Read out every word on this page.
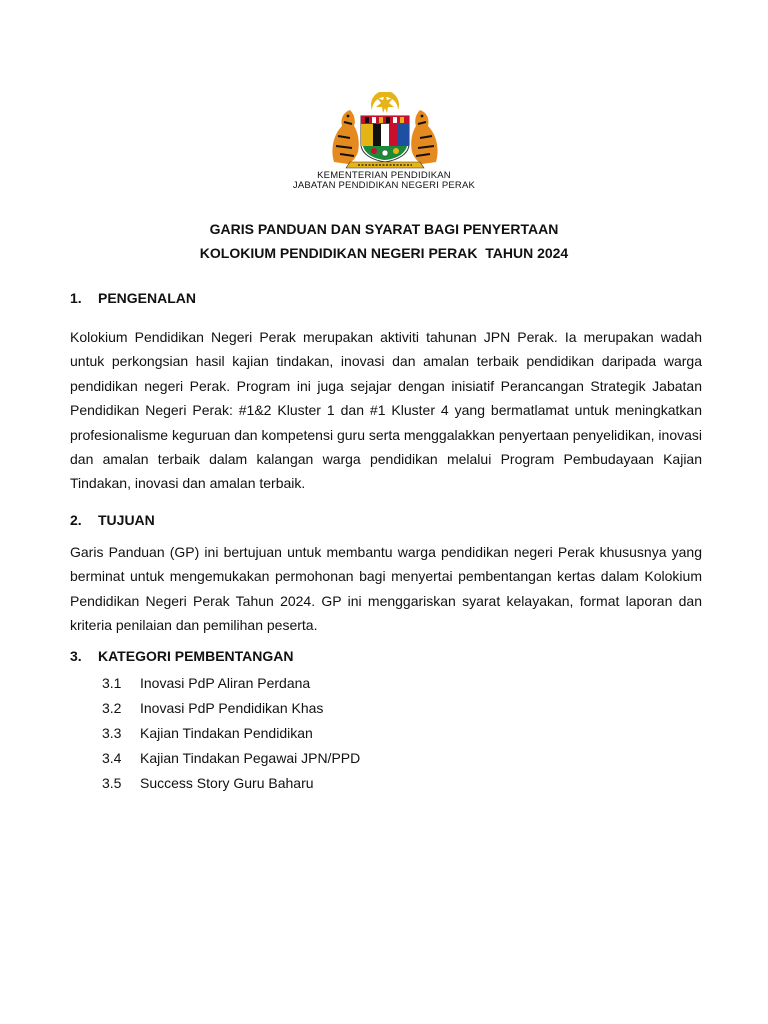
KEMENTERIAN PENDIDIKAN
JABATAN PENDIDIKAN NEGERI PERAK
GARIS PANDUAN DAN SYARAT BAGI PENYERTAAN
KOLOKIUM PENDIDIKAN NEGERI PERAK  TAHUN 2024
1. PENGENALAN
Kolokium Pendidikan Negeri Perak merupakan aktiviti tahunan JPN Perak. Ia merupakan wadah untuk perkongsian hasil kajian tindakan, inovasi dan amalan terbaik pendidikan daripada warga pendidikan negeri Perak. Program ini juga sejajar dengan inisiatif Perancangan Strategik Jabatan Pendidikan Negeri Perak: #1&2 Kluster 1 dan #1 Kluster 4 yang bermatlamat untuk meningkatkan profesionalisme keguruan dan kompetensi guru serta menggalakkan penyertaan penyelidikan, inovasi dan amalan terbaik dalam kalangan warga pendidikan melalui Program Pembudayaan Kajian Tindakan, inovasi dan amalan terbaik.
2. TUJUAN
Garis Panduan (GP) ini bertujuan untuk membantu warga pendidikan negeri Perak khususnya yang berminat untuk mengemukakan permohonan bagi menyertai pembentangan kertas dalam Kolokium Pendidikan Negeri Perak Tahun 2024. GP ini menggariskan syarat kelayakan, format laporan dan kriteria penilaian dan pemilihan peserta.
3. KATEGORI PEMBENTANGAN
3.1 Inovasi PdP Aliran Perdana
3.2 Inovasi PdP Pendidikan Khas
3.3 Kajian Tindakan Pendidikan
3.4 Kajian Tindakan Pegawai JPN/PPD
3.5 Success Story Guru Baharu
